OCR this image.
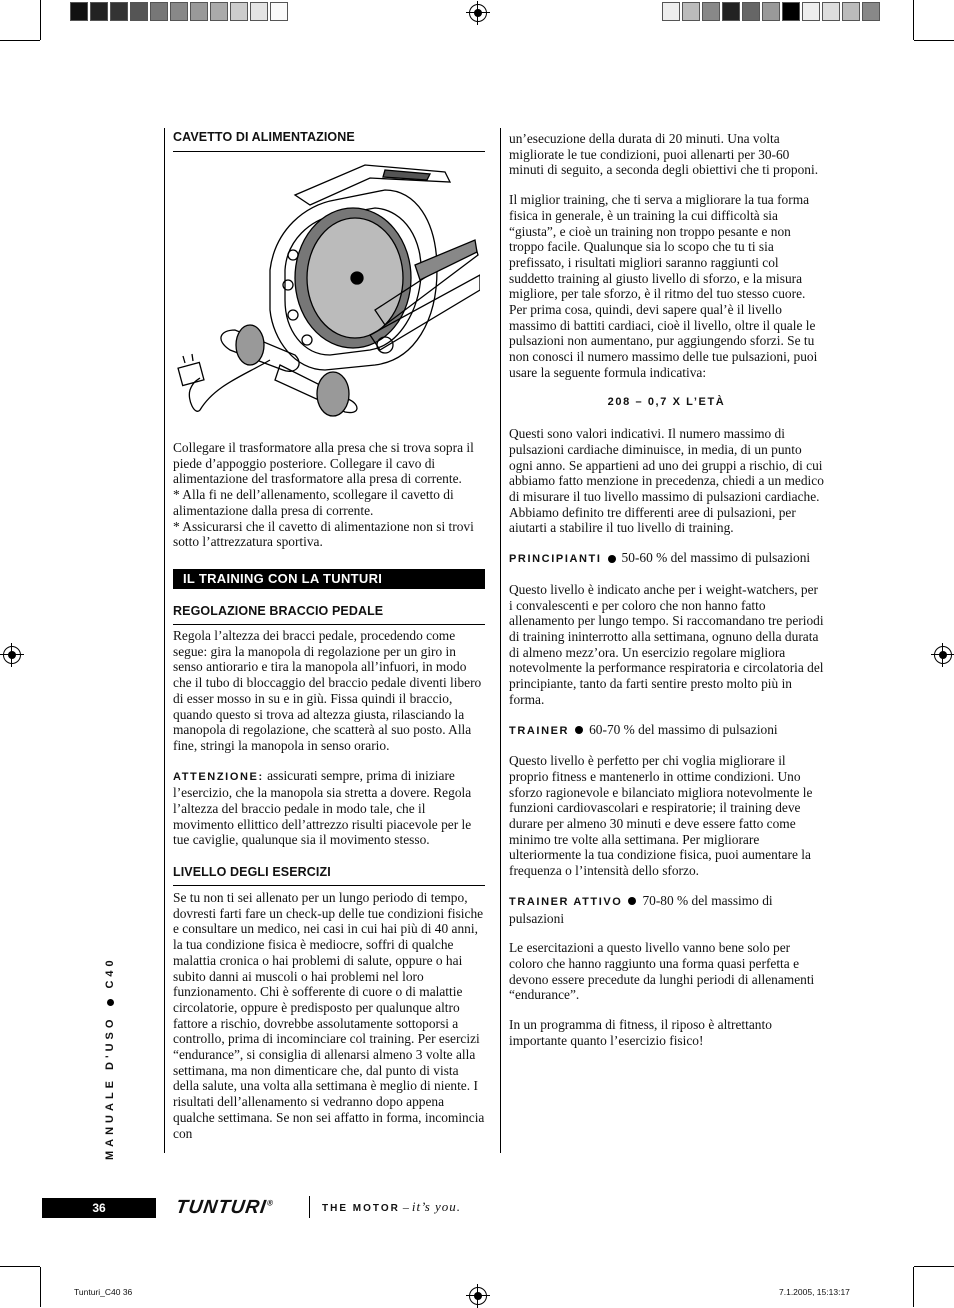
CAVETTO DI ALIMENTAZIONE

Collegare il trasformatore alla presa che si trova sopra il piede d’appoggio posteriore. Collegare il cavo di alimentazione del trasformatore alla presa di corrente.

* Alla fi ne dell’allenamento, scollegare il cavetto di alimentazione dalla presa di corrente.

* Assicurarsi che il cavetto di alimentazione non si trovi sotto l’attrezzatura sportiva.

IL TRAINING CON LA TUNTURI
REGOLAZIONE BRACCIO PEDALE

Regola l’altezza dei bracci pedale, procedendo come segue: gira la manopola di regolazione per un giro in senso antiorario e tira la manopola all’infuori, in modo che il tubo di bloccaggio del braccio pedale diventi libero di esser mosso in su e in giù. Fissa quindi il braccio, quando questo si trova ad altezza giusta, rilasciando la manopola di regolazione, che scatterà al suo posto. Alla fine, stringi la manopola in senso orario.

ATTENZIONE: assicurati sempre, prima di iniziare l’esercizio, che la manopola sia stretta a dovere. Regola l’altezza del braccio pedale in modo tale, che il movimento ellittico dell’attrezzo risulti piacevole per le tue caviglie, qualunque sia il movimento stesso.

LIVELLO DEGLI ESERCIZI

Se tu non ti sei allenato per un lungo periodo di tempo, dovresti farti fare un check-up delle tue condizioni fisiche e consultare un medico, nei casi in cui hai più di 40 anni, la tua condizione fisica è mediocre, soffri di qualche malattia cronica o hai problemi di salute, oppure o hai subito danni ai muscoli o hai problemi nel loro funzionamento. Chi è sofferente di cuore o di malattie circolatorie, oppure è predisposto per qualunque altro fattore a rischio, dovrebbe assolutamente sottoporsi a controllo, prima di incominciare col training. Per esercizi “endurance”, si consiglia di allenarsi almeno 3 volte alla settimana, ma non dimenticare che, dal punto di vista della salute, una volta alla settimana è meglio di niente. I risultati dell’allenamento si vedranno dopo appena qualche settimana. Se non sei affatto in forma, incomincia con

un’esecuzione della durata di 20 minuti. Una volta migliorate le tue condizioni, puoi allenarti per 30-60 minuti di seguito, a seconda degli obiettivi che ti proponi.

Il miglior training, che ti serva a migliorare la tua forma fisica in generale, è un training la cui difficoltà sia “giusta”, e cioè un training non troppo pesante e non troppo facile. Qualunque sia lo scopo che tu ti sia prefissato, i risultati migliori saranno raggiunti col suddetto training al giusto livello di sforzo, e la misura migliore, per tale sforzo, è il ritmo del tuo stesso cuore. Per prima cosa, quindi, devi sapere qual’è il livello massimo di battiti cardiaci, cioè il livello, oltre il quale le pulsazioni non aumentano, pur aggiungendo sforzi. Se tu non conosci il numero massimo delle tue pulsazioni, puoi usare la seguente formula indicativa:

208 – 0,7 X L’ETÀ

Questi sono valori indicativi. Il numero massimo di pulsazioni cardiache diminuisce, in media, di un punto ogni anno. Se appartieni ad uno dei gruppi a rischio, di cui abbiamo fatto menzione in precedenza, chiedi a un medico di misurare il tuo livello massimo di pulsazioni cardiache. Abbiamo definito tre differenti aree di pulsazioni, per aiutarti a stabilire il tuo livello di training.

PRINCIPIANTI 50-60 % del massimo di pulsazioni

Questo livello è indicato anche per i weight-watchers, per i convalescenti e per coloro che non hanno fatto allenamento per lungo tempo. Si raccomandano tre periodi di training ininterrotto alla settimana, ognuno della durata di almeno mezz’ora. Un esercizio regolare migliora notevolmente la performance respiratoria e circolatoria del principiante, tanto da farti sentire presto molto più in forma.

TRAINER 60-70 % del massimo di pulsazioni

Questo livello è perfetto per chi voglia migliorare il proprio fitness e mantenerlo in ottime condizioni. Uno sforzo ragionevole e bilanciato migliora notevolmente le funzioni cardiovascolari e respiratorie; il training deve durare per almeno 30 minuti e deve essere fatto come minimo tre volte alla settimana. Per migliorare ulteriormente la tua condizione fisica, puoi aumentare la frequenza o l’intensità dello sforzo.

TRAINER ATTIVO 70-80 % del massimo di pulsazioni

Le esercitazioni a questo livello vanno bene solo per coloro che hanno raggiunto una forma quasi perfetta e devono essere precedute da lunghi periodi di allenamenti “endurance”.

In un programma di fitness, il riposo è altrettanto importante quanto l’esercizio fisico!

MANUALE D'USOC40
36	TUNTURI®	THE MOTOR – it’s you.
Tunturi_C40 36	7.1.2005, 15:13:17
